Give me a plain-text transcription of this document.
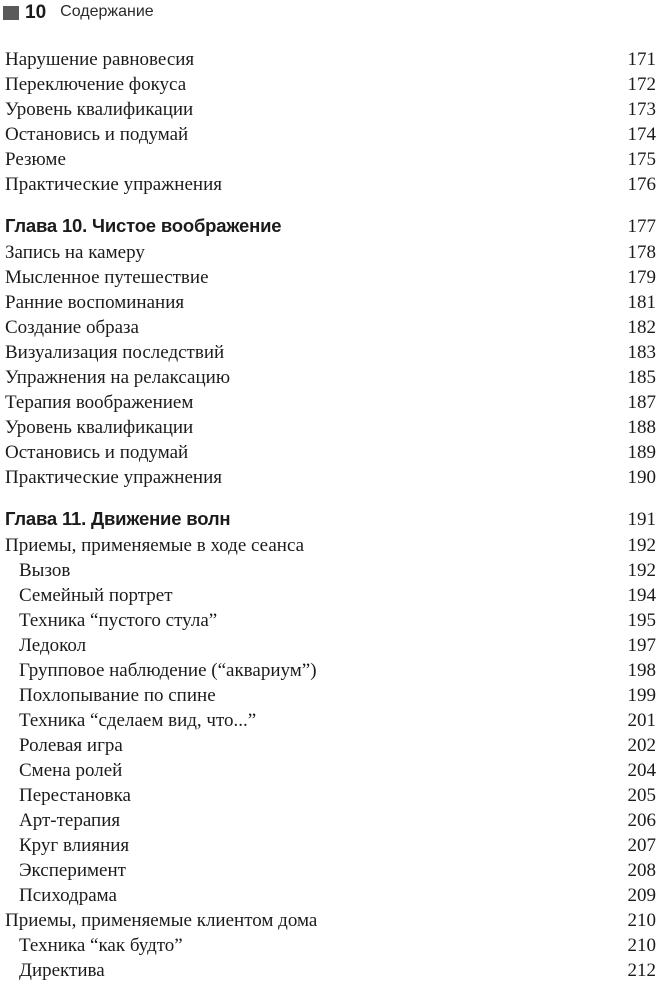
10 Содержание
Нарушение равновесия	171
Переключение фокуса	172
Уровень квалификации	173
Остановись и подумай	174
Резюме	175
Практические упражнения	176
Глава 10. Чистое воображение	177
Запись на камеру	178
Мысленное путешествие	179
Ранние воспоминания	181
Создание образа	182
Визуализация последствий	183
Упражнения на релаксацию	185
Терапия воображением	187
Уровень квалификации	188
Остановись и подумай	189
Практические упражнения	190
Глава 11. Движение волн	191
Приемы, применяемые в ходе сеанса	192
Вызов	192
Семейный портрет	194
Техника “пустого стула”	195
Ледокол	197
Групповое наблюдение (“аквариум”)	198
Похлопывание по спине	199
Техника “сделаем вид, что...”	201
Ролевая игра	202
Смена ролей	204
Перестановка	205
Арт-терапия	206
Круг влияния	207
Эксперимент	208
Психодрама	209
Приемы, применяемые клиентом дома	210
Техника “как будто”	210
Директива	212
